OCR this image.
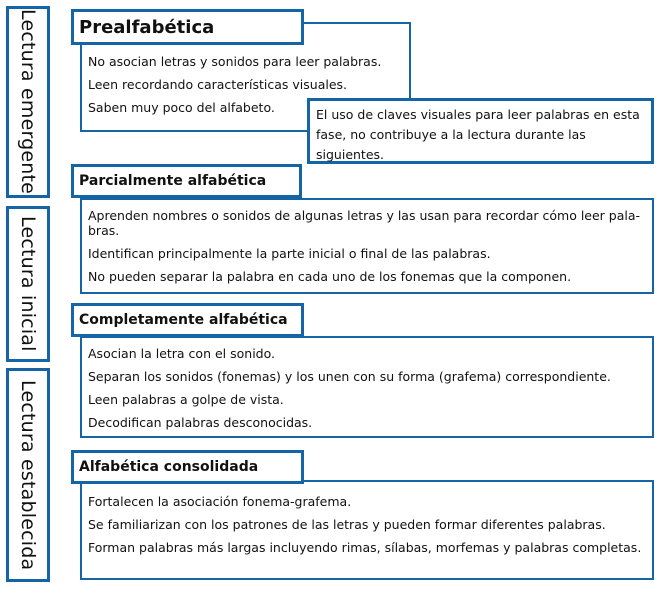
Lectura emergente
Lectura inicial
Lectura establecida
No asocian letras y sonidos para leer palabras.
Leen recordando características visuales.
Saben muy poco del alfabeto.
Prealfabética
El uso de claves visuales para leer palabras en esta fase, no contribuye a la lectura durante las siguientes.
Aprenden nombres o sonidos de algunas letras y las usan para recordar cómo leer pala-bras.
Identifican principalmente la parte inicial o final de las palabras.
No pueden separar la palabra en cada uno de los fonemas que la componen.
Parcialmente alfabética
Asocian la letra con el sonido.
Separan los sonidos (fonemas) y los unen con su forma (grafema) correspondiente.
Leen palabras a golpe de vista.
Decodifican palabras desconocidas.
Completamente alfabética
Fortalecen la asociación fonema-grafema.
Se familiarizan con los patrones de las letras y pueden formar diferentes palabras.
Forman palabras más largas incluyendo rimas, sílabas, morfemas y palabras completas.
Alfabética consolidada
